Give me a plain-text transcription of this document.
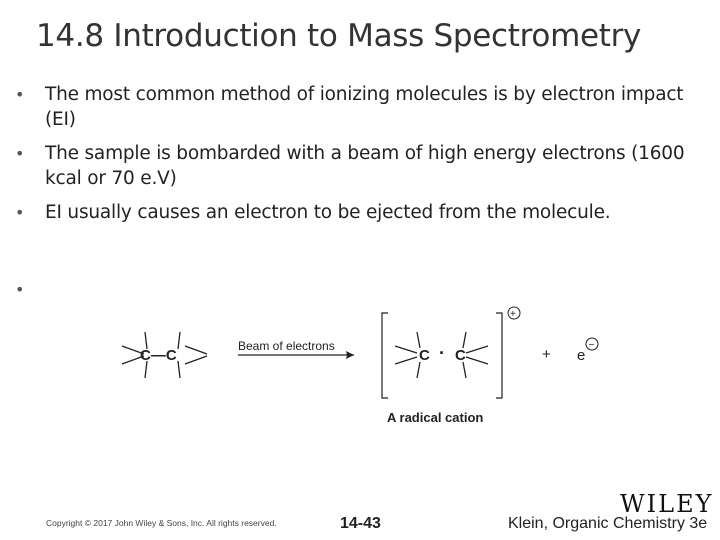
14.8 Introduction to Mass Spectrometry
• The most common method of ionizing molecules is by electron impact (EI)
• The sample is bombarded with a beam of high energy electrons (1600 kcal or 70 e.V)
• EI usually causes an electron to be ejected from the molecule.
•
C—C
Beam of electrons
C · C
+
+ e
−
A radical cation
WILEY
Copyright © 2017 John Wiley & Sons, Inc. All rights reserved.	14-43	Klein, Organic Chemistry 3e
